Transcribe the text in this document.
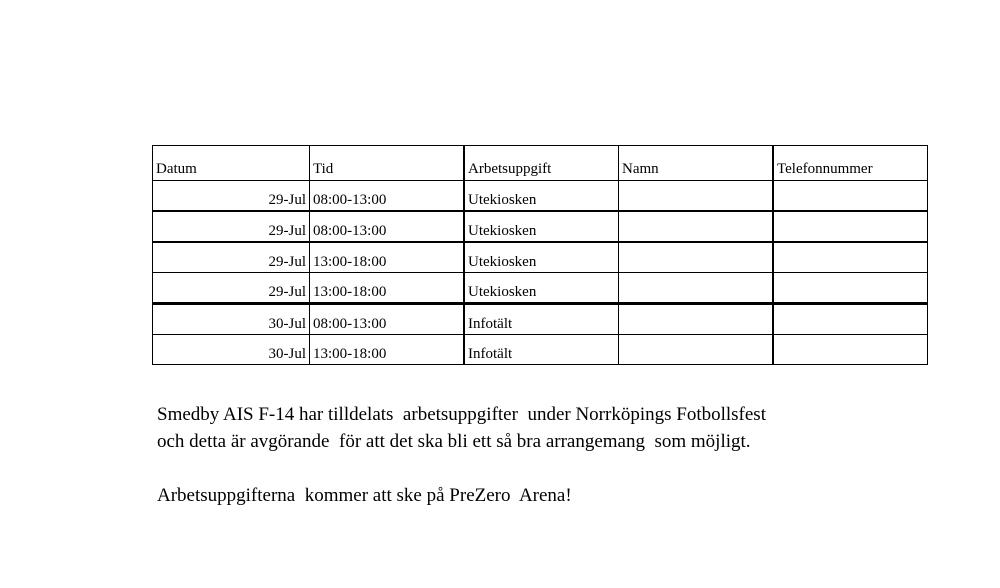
Datum	Tid	Arbetsuppgift	Namn	Telefonnummer
29-Jul	08:00-13:00	Utekiosken		
29-Jul	08:00-13:00	Utekiosken		
29-Jul	13:00-18:00	Utekiosken		
29-Jul	13:00-18:00	Utekiosken		
30-Jul	08:00-13:00	Infotält		
30-Jul	13:00-18:00	Infotält		
Smedby AIS F-14 har tilldelats  arbetsuppgifter  under Norrköpings Fotbollsfest
och detta är avgörande  för att det ska bli ett så bra arrangemang  som möjligt.
Arbetsuppgifterna  kommer att ske på PreZero  Arena!
